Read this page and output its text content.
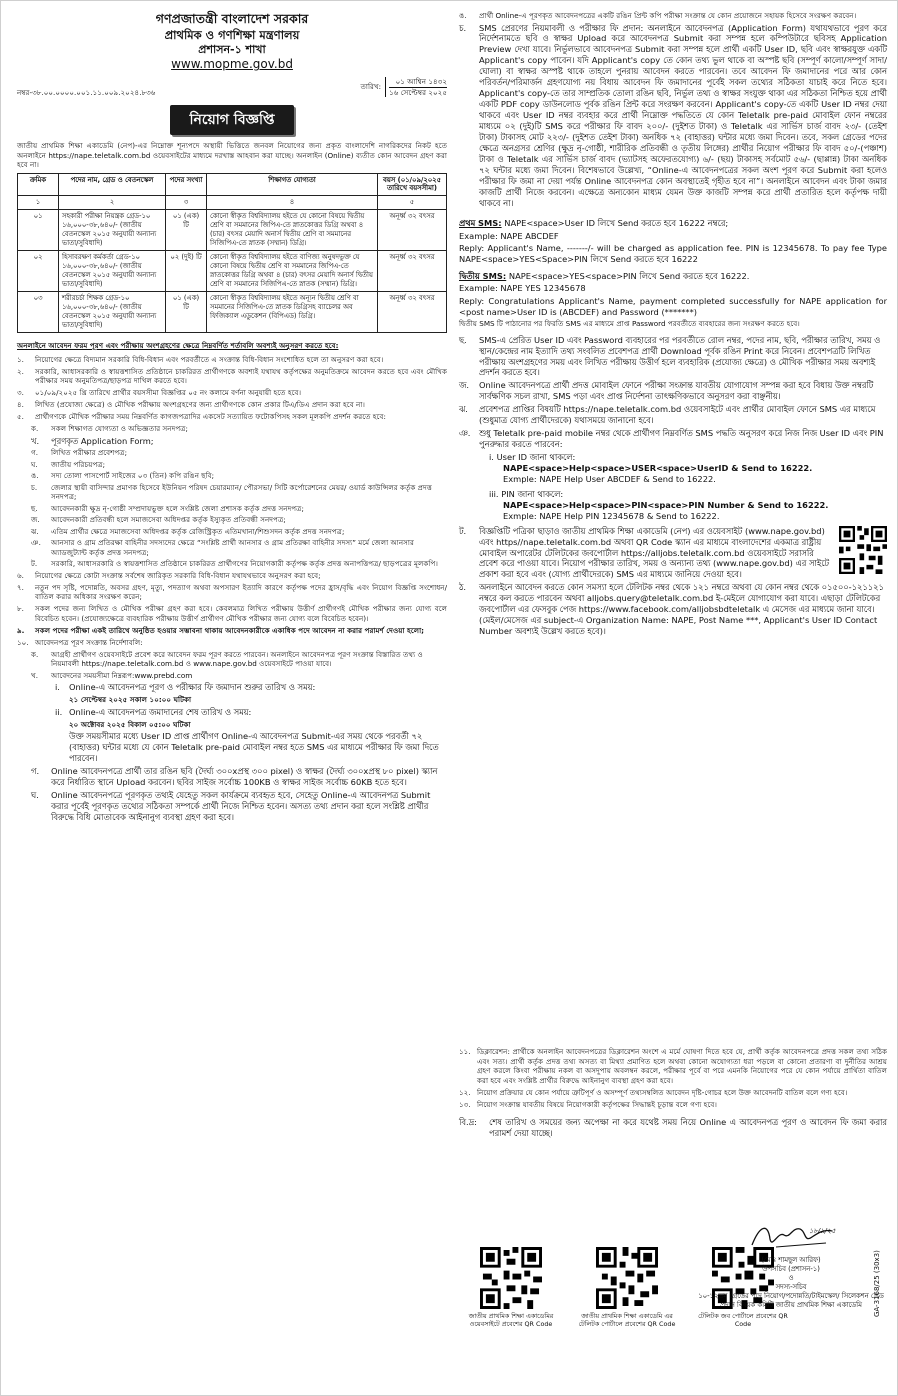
গণপ্রজাতন্ত্রী বাংলাদেশ সরকার
প্রাথমিক ও গণশিক্ষা মন্ত্রণালয়
প্রশাসন-১ শাখা
www.mopme.gov.bd
নম্বর-৩৮.০০.০০০০.০০১.১১.০০৯.২০২৪.৮৩৬
তারিখ:
০১ আশ্বিন ১৪৩২
১৬ সেপ্টেম্বর ২০২৫
নিয়োগ বিজ্ঞপ্তি

জাতীয় প্রাথমিক শিক্ষা একাডেমি (নেপ)-এর নিম্নোক্ত শূন্যপদে অস্থায়ী ভিত্তিতে জনবল নিয়োগের জন্য প্রকৃত বাংলাদেশি নাগরিকদের নিকট হতে অনলাইনে https://nape.teletalk.com.bd ওয়েবসাইটের মাধ্যমে দরখাস্ত আহবান করা যাচ্ছে। অনলাইন (Online) ব্যতীত কোন আবেদন গ্রহণ করা হবে না।

ক্রমিক	পদের নাম, গ্রেড ও বেতনস্কেল	পদের সংখ্যা	শিক্ষাগত যোগ্যতা	বয়স (০১/০৯/২০২৫ তারিখে বয়সসীমা)
১	২	৩	৪	৫
০১	সহকারী পরীক্ষা নিয়ন্ত্রক গ্রেড-১০ ১৬,০০০-৩৮,৬৪০/- (জাতীয় বেতনস্কেল ২০১৫ অনুযায়ী অন্যান্য ভাতা/সুবিধাদি)	০১ (এক) টি	কোনো স্বীকৃত বিশ্ববিদ্যালয় হইতে যে কোনো বিষয়ে দ্বিতীয় শ্রেণি বা সমমানের জিপিএ-তে স্নাতকোত্তর ডিগ্রি অথবা ৪ (চার) বৎসর মেয়াদি অনার্স দ্বিতীয় শ্রেণি বা সমমানের সিজিপিএ-তে স্নাতক (সম্মান) ডিগ্রি।	অনূর্ধ্ব ৩২ বৎসর
০২	হিসাবরক্ষণ কর্মকর্তা গ্রেড-১০ ১৬,০০০-৩৮,৬৪০/- (জাতীয় বেতনস্কেল ২০১৫ অনুযায়ী অন্যান্য ভাতা/সুবিধাদি)	০২ (দুই) টি	কোনো স্বীকৃত বিশ্ববিদ্যালয় হইতে বাণিজ্য অনুষদভুক্ত যে কোনো বিষয়ে দ্বিতীয় শ্রেণি বা সমমানের জিপিএ-তে স্নাতকোত্তর ডিগ্রি অথবা ৪ (চার) বৎসর মেয়াদি অনার্স দ্বিতীয় শ্রেণি বা সমমানের সিজিপিএ-তে স্নাতক (সম্মান) ডিগ্রি।	অনূর্ধ্ব ৩২ বৎসর
০৩	শরীরচর্চা শিক্ষক গ্রেড-১০ ১৬,০০০-৩৮,৬৪০/- (জাতীয় বেতনস্কেল ২০১৫ অনুযায়ী অন্যান্য ভাতা/সুবিধাদি)	০১ (এক) টি	কোনো স্বীকৃত বিশ্ববিদ্যালয় হইতে অন্যূন দ্বিতীয় শ্রেণি বা সমমানের সিজিপিএ-তে স্নাতক ডিগ্রিসহ ব্যাচেলর অব ফিজিক্যাল এডুকেশন (বিপিএড) ডিগ্রি।	অনূর্ধ্ব ৩২ বৎসর
অনলাইনে আবেদন ফরম পূরণ এবং পরীক্ষায় অংশগ্রহণের ক্ষেত্রে নিম্নবর্ণিত শর্তাবলি অবশ্যই অনুসরণ করতে হবে:
১.	নিয়োগের ক্ষেত্রে বিদ্যমান সরকারি বিধি-বিধান এবং পরবর্তীতে এ সংক্রান্ত বিধি-বিধান সংশোধিত হলে তা অনুসরণ করা হবে।
২.	সরকারি, আধাসরকারি ও স্বায়ত্তশাসিত প্রতিষ্ঠানে চাকরিরত প্রার্থীগণকে অবশ্যই যথাযথ কর্তৃপক্ষের অনুমতিক্রমে আবেদন করতে হবে এবং মৌখিক পরীক্ষার সময় অনুমতিপত্র/ছাড়পত্র দাখিল করতে হবে।
৩.	০১/০৯/২০২৫ খ্রি তারিখে প্রার্থীর বয়সসীমা বিজ্ঞপ্তির ০৫ নং কলামে বর্ণনা অনুযায়ী হতে হবে।
৪.	লিখিত (প্রযোজ্য ক্ষেত্রে) ও মৌখিক পরীক্ষায় অংশগ্রহণের জন্য প্রার্থীগণকে কোন প্রকার টিএ/ডিএ প্রদান করা হবে না।
৫.	প্রার্থীগণকে মৌখিক পরীক্ষার সময় নিম্নবর্ণিত কাগজপত্রাদির একসেট সত্যায়িত ফটোকপিসহ সকল মূলকপি প্রদর্শন করতে হবে:
ক.	সকল শিক্ষাগত যোগ্যতা ও অভিজ্ঞতার সনদপত্র;
খ.	পূরণকৃত Application Form;
গ.	লিখিত পরীক্ষার প্রবেশপত্র;
ঘ.	জাতীয় পরিচয়পত্র;
ঙ.	সদ্য তোলা পাসপোর্ট সাইজের ০৩ (তিন) কপি রঙিন ছবি;
চ.	জেলার স্থায়ী বাসিন্দার প্রমাণক হিসেবে ইউনিয়ন পরিষদ চেয়ারম্যান/ পৌরসভা/ সিটি কর্পোরেশনের মেয়র/ ওয়ার্ড কাউন্সিলর কর্তৃক প্রদত্ত সনদপত্র;
ছ.	আবেদনকারী ক্ষুদ্র নৃ-গোষ্ঠী সম্প্রদায়ভুক্ত হলে সংশ্লিষ্ট জেলা প্রশাসক কর্তৃক প্রদত্ত সনদপত্র;
জ.	আবেদনকারী প্রতিবন্ধী হলে সমাজসেবা অধিদপ্তর কর্তৃক ইস্যুকৃত প্রতিবন্ধী সনদপত্র;
ঝ.	এতিম প্রার্থীর ক্ষেত্রে সমাজসেবা অধিদপ্তর কর্তৃক রেজিস্ট্রিকৃত এতিমখানা/শিশুসদন কর্তৃক প্রদত্ত সনদপত্র;
ঞ.	আনসার ও গ্রাম প্রতিরক্ষা বাহিনীর সদস্যদের ক্ষেত্রে “সংশ্লিষ্ট প্রার্থী আনসার ও গ্রাম প্রতিরক্ষা বাহিনীর সদস্য” মর্মে জেলা আনসার অ্যাডজুট্যান্ট কর্তৃক প্রদত্ত সনদপত্র;
ট.	সরকারি, আধাসরকারি ও স্বায়ত্তশাসিত প্রতিষ্ঠানে চাকরিরত প্রার্থীগণের নিয়োগকারী কর্তৃপক্ষ কর্তৃক প্রদত্ত অনাপত্তিপত্র/ ছাড়পত্রের মূলকপি।
৬.	নিয়োগের ক্ষেত্রে কোটা সংক্রান্ত সর্বশেষ জারিকৃত সরকারি বিধি-বিধান যথাযথভাবে অনুসরণ করা হবে;
৭.	নতুন পদ সৃষ্টি, পদোন্নতি, অবসর গ্রহণ, মৃত্যু, পদত্যাগ অথবা অপসারণ ইত্যাদি কারণে কর্তৃপক্ষ পদের হ্রাস/বৃদ্ধি এবং নিয়োগ বিজ্ঞপ্তি সংশোধন/বাতিল করার অধিকার সংরক্ষণ করেন;
৮.	সকল পদের জন্য লিখিত ও মৌখিক পরীক্ষা গ্রহণ করা হবে। কেবলমাত্র লিখিত পরীক্ষায় উত্তীর্ণ প্রার্থীগণই মৌখিক পরীক্ষার জন্য যোগ্য বলে বিবেচিত হবেন। (প্রযোজ্যক্ষেত্রে ব্যবহারিক পরীক্ষায় উত্তীর্ণ প্রার্থীগণ মৌখিক পরীক্ষার জন্য যোগ্য বলে বিবেচিত হবেন)।
৯.	সকল পদের পরীক্ষা একই তারিখে অনুষ্ঠিত হওয়ার সম্ভাবনা থাকায় আবেদনকারীকে একাধিক পদে আবেদন না করার পরামর্শ দেওয়া হলো;
১০. আবেদনপত্র পূরণ সংক্রান্ত নির্দেশাবলি:
ক.	আগ্রহী প্রার্থীগণ ওয়েবসাইটে প্রবেশ করে আবেদন ফরম পূরণ করতে পারবেন। অনলাইনে আবেদনপত্র পূরণ সংক্রান্ত বিস্তারিত তথ্য ও নিয়মাবলী https://nape.teletalk.com.bd ও www.nape.gov.bd ওয়েবসাইটে পাওয়া যাবে।
খ.	আবেদনের সময়সীমা নিম্নরূপ:www.prebd.com
i.	Online-এ আবেদনপত্র পূরণ ও পরীক্ষার ফি জমাদান শুরুর তারিখ ও সময়:
২১ সেপ্টেম্বর ২০২৫ সকাল ১০:০০ ঘটিকা
ii. Online-এ আবেদনপত্র জমাদানের শেষ তারিখ ও সময়:
২০ অক্টোবর ২০২৫ বিকাল ০৫:০০ ঘটিকা
উক্ত সময়সীমার মধ্যে User ID প্রাপ্ত প্রার্থীগণ Online-এ আবেদনপত্র Submit-এর সময় থেকে পরবর্তী ৭২ (বাহাত্তর) ঘন্টার মধ্যে যে কোন Teletalk pre-paid মোবাইল নম্বর হতে SMS এর মাধ্যমে পরীক্ষার ফি জমা দিতে পারবেন।
গ.	Online আবেদনপত্রে প্রার্থী তার রঙিন ছবি (দৈর্ঘ্য ৩০০xপ্রস্থ ৩০০ pixel) ও স্বাক্ষর (দৈর্ঘ্য ৩০০xপ্রস্থ ৮০ pixel) স্ক্যান করে নির্ধারিত স্থানে Upload করবেন। ছবির সাইজ সর্বোচ্চ 100KB ও স্বাক্ষর সাইজ সর্বোচ্চ 60KB হতে হবে।
ঘ.	Online আবেদনপত্রে পূরণকৃত তথ্যই যেহেতু সকল কার্যক্রমে ব্যবহৃত হবে, সেহেতু Online-এ আবেদনপত্র Submit করার পূর্বেই পূরণকৃত তথ্যের সঠিকতা সম্পর্কে প্রার্থী নিজে নিশ্চিত হবেন। অসত্য তথ্য প্রদান করা হলে সংশ্লিষ্ট প্রার্থীর বিরুদ্ধে বিধি মোতাবেক আইনানুগ ব্যবস্থা গ্রহণ করা হবে।
ঙ.	প্রার্থী Online-এ পূরণকৃত আবেদনপত্রের একটি রঙিন প্রিন্ট কপি পরীক্ষা সংক্রান্ত যে কোন প্রয়োজনে সহায়ক হিসেবে সংরক্ষণ করবেন।
চ.	SMS প্রেরণের নিয়মাবলী ও পরীক্ষার ফি প্রদান: অনলাইনে আবেদনপত্র (Application Form) যথাযথভাবে পূরণ করে নির্দেশনামতে ছবি ও স্বাক্ষর Upload করে আবেদনপত্র Submit করা সম্পন্ন হলে কম্পিউটারে ছবিসহ Application Preview দেখা যাবে। নির্ভুলভাবে আবেদনপত্র Submit করা সম্পন্ন হলে প্রার্থী একটি User ID, ছবি এবং স্বাক্ষরযুক্ত একটি Applicant's copy পাবেন। যদি Applicant's copy তে কোন তথ্য ভুল থাকে বা অস্পষ্ট ছবি (সম্পূর্ণ কালো/সম্পূর্ণ সাদা/ঘোলা) বা স্বাক্ষর অস্পষ্ট থাকে তাহলে পুনরায় আবেদন করতে পারবেন। তবে আবেদন ফি জমাদানের পরে আর কোন পরিবর্তন/পরিমার্জন গ্রহণযোগ্য নয় বিধায় আবেদন ফি জমাদানের পূর্বেই সকল তথ্যের সঠিকতা যাচাই করে নিতে হবে। Applicant's copy-তে তার সাম্প্রতিক তোলা রঙিন ছবি, নির্ভুল তথ্য ও স্বাক্ষর সংযুক্ত থাকা এর সঠিকতা নিশ্চিত হয়ে প্রার্থী একটি PDF copy ডাউনলোড পূর্বক রঙিন প্রিন্ট করে সংরক্ষণ করবেন। Applicant's copy-তে একটি User ID নম্বর দেয়া থাকবে এবং User ID নম্বর ব্যবহার করে প্রার্থী নিম্নোক্ত পদ্ধতিতে যে কোন Teletalk pre-paid মোবাইল ফোন নম্বরের মাধ্যমে ০২ (দুই)টি SMS করে পরীক্ষার ফি বাবদ ২০০/- (দুইশত টাকা) ও Teletalk এর সার্ভিস চার্জ বাবদ ২৩/- (তেইশ টাকা) টাকাসহ মোট ২২৩/- (দুইশত তেইশ টাকা) অনধিক ৭২ (বাহাত্তর) ঘন্টার মধ্যে জমা দিবেন। তবে, সকল গ্রেডের পদের ক্ষেত্রে অনগ্রসর শ্রেণির (ক্ষুদ্র নৃ-গোষ্ঠী, শারীরিক প্রতিবন্ধী ও তৃতীয় লিঙ্গের) প্রার্থীর নিয়োগ পরীক্ষার ফি বাবদ ৫০/-(পঞ্চাশ) টাকা ও Teletalk এর সার্ভিস চার্জ বাবদ (ভ্যাটসহ অফেরতযোগ্য) ৬/- (ছয়) টাকাসহ সর্বমোট ৫৬/- (ছাপ্পান্ন) টাকা অনধিক ৭২ ঘন্টার মধ্যে জমা দিবেন। বিশেষভাবে উল্লেখ্য, “Online-এ আবেদনপত্রের সকল অংশ পূরণ করে Submit করা হলেও পরীক্ষার ফি জমা না দেয়া পর্যন্ত Online আবেদনপত্র কোন অবস্থাতেই গৃহীত হবে না”। অনলাইনে আবেদন এবং টাকা জমার কাজটি প্রার্থী নিজে করবেন। এক্ষেত্রে অন্যকোন মাধ্যম যেমন উক্ত কাজটি সম্পন্ন করে প্রার্থী প্রতারিত হলে কর্তৃপক্ষ দায়ী থাকবে না।

প্রথম SMS: NAPE<space>User ID লিখে Send করতে হবে 16222 নম্বরে;

Example: NAPE ABCDEF

Reply: Applicant's Name, -------/- will be charged as application fee. PIN is 12345678. To pay fee Type NAPE<space>YES<Space>PIN লিখে Send করতে হবে 16222

দ্বিতীয় SMS: NAPE<space>YES<space>PIN লিখে Send করতে হবে 16222.

Example: NAPE YES 12345678

Reply: Congratulations Applicant's Name, payment completed successfully for NAPE application for <post name>User ID is (ABCDEF) and Password (*******)

দ্বিতীয় SMS টি পাঠানোর পর ফিরতি SMS এর মাধ্যমে প্রাপ্ত Password পরবর্তীতে ব্যবহারের জন্য সংরক্ষণ করতে হবে।

ছ.	SMS-এ প্রেরিত User ID এবং Password ব্যবহারের পর পরবর্তীতে রোল নম্বর, পদের নাম, ছবি, পরীক্ষার তারিখ, সময় ও স্থান/কেন্দ্রের নাম ইত্যাদি তথ্য সংবলিত প্রবেশপত্র প্রার্থী Download পূর্বক রঙিন Print করে নিবেন। প্রবেশপত্রটি লিখিত পরীক্ষায় অংশগ্রহণের সময় এবং লিখিত পরীক্ষায় উত্তীর্ণ হলে ব্যবহারিক (প্রযোজ্য ক্ষেত্রে) ও মৌখিক পরীক্ষার সময় অবশ্যই প্রদর্শন করতে হবে।
জ.	Online আবেদনপত্রে প্রার্থী প্রদত্ত মোবাইল ফোনে পরীক্ষা সংক্রান্ত যাবতীয় যোগাযোগ সম্পন্ন করা হবে বিধায় উক্ত নম্বরটি সার্বক্ষণিক সচল রাখা, SMS পড়া এবং প্রাপ্ত নির্দেশনা তাৎক্ষণিকভাবে অনুসরণ করা বাঞ্ছনীয়।
ঝ.	প্রবেশপত্র প্রাপ্তির বিষয়টি https://nape.teletalk.com.bd ওয়েবসাইটে এবং প্রার্থীর মোবাইল ফোনে SMS এর মাধ্যমে (শুধুমাত্র যোগ্য প্রার্থীদেরকে) যথাসময়ে জানানো হবে।
ঞ.	শুধু Teletalk pre-paid mobile নম্বর থেকে প্রার্থীগণ নিম্নবর্ণিত SMS পদ্ধতি অনুসরণ করে নিজ নিজ User ID এবং PIN পুনরুদ্ধার করতে পারবেন:
i. User ID জানা থাকলে:
NAPE<space>Help<space>USER<space>UserID & Send to 16222.
Exmple: NAPE Help User ABCDEF & Send to 16222.
iii. PIN জানা থাকলে:
NAPE<space>Help<space>PIN<space>PIN Number & Send to 16222.
Exmple: NAPE Help PIN 12345678 & Send to 16222.
ট.	বিজ্ঞপ্তিটি পত্রিকা ছাড়াও জাতীয় প্রাথমিক শিক্ষা একাডেমি (নেপ) এর ওয়েবসাইট (www.nape.gov.bd) এবং https//nape.teletalk.com.bd অথবা QR Code স্ক্যান এর মাধ্যমে বাংলাদেশের একমাত্র রাষ্ট্রীয় মোবাইল অপারেটর টেলিটকের জবপোর্টাল https://alljobs.teletalk.com.bd ওয়েবসাইটে সরাসরি প্রবেশ করে পাওয়া যাবে। নিয়োগ পরীক্ষার তারিখ, সময় ও অন্যান্য তথ্য (www.nape.gov.bd) এর সাইটে প্রকাশ করা হবে এবং (যোগ্য প্রার্থীদেরকে) SMS এর মাধ্যমে জানিয়ে দেওয়া হবে।
ঠ.	অনলাইনে আবেদন করতে কোন সমস্যা হলে টেলিটক নম্বর থেকে ১২১ নম্বরে অথবা যে কোন নম্বর থেকে ০১৫০০-১২১১২১ নম্বরে কল করতে পারবেন অথবা alljobs.query@teletalk.com.bd ই-মেইলে যোগাযোগ করা যাবে। এছাড়া টেলিটকের জবপোর্টাল এর ফেসবুক পেজ https://www.facebook.com/alljobsbdteletalk এ মেসেজ এর মাধ্যমে জানা যাবে। (মেইল/মেসেজ এর subject-এ Organization Name: NAPE, Post Name ***, Applicant's User ID Contact Number অবশ্যই উল্লেখ করতে হবে)।
১১. ডিক্লারেশন: প্রার্থীকে অনলাইন আবেদনপত্রের ডিক্লারেশন অংশে এ মর্মে ঘোষণা দিতে হবে যে, প্রার্থী কর্তৃক আবেদনপত্রে প্রদত্ত সকল তথ্য সঠিক এবং সত্য। প্রার্থী কর্তৃক প্রদত্ত তথ্য অসত্য বা মিথ্যা প্রমাণিত হলে অথবা কোনো অযোগ্যতা ধরা পড়লে বা কোনো প্রতারণা বা দুর্নীতির আশ্রয় গ্রহণ করলে কিংবা পরীক্ষায় নকল বা অসদুপায় অবলম্বন করলে, পরীক্ষার পূর্বে বা পরে এমনকি নিয়োগের পরে যে কোন পর্যায়ে প্রার্থিতা বাতিল করা হবে এবং সংশ্লিষ্ট প্রার্থীর বিরুদ্ধে আইনানুগ ব্যবস্থা গ্রহণ করা হবে।
১২. নিয়োগ প্রক্রিয়ার যে কোন পর্যায়ে ত্রুটিপূর্ণ ও অসম্পূর্ণ তথ্যসম্বলিত আবেদন দৃষ্টি-গোচর হলে উক্ত আবেদনটি বাতিল বলে গণ্য হবে।
১৩. নিয়োগ সংক্রান্ত যাবতীয় বিষয়ে নিয়োগকারী কর্তৃপক্ষের সিদ্ধান্তই চূড়ান্ত বলে গণ্য হবে।
বি.দ্র:	শেষ তারিখ ও সময়ের জন্য অপেক্ষা না করে যথেষ্ট সময় নিয়ে Online এ আবেদনপত্র পূরণ ও আবেদন ফি জমা করার পরামর্শ দেয়া যাচ্ছে।
জাতীয় প্রাথমিক শিক্ষা একাডেমির ওয়েবসাইটে প্রবেশের QR Code
জাতীয় প্রাথমিক শিক্ষা একাডেমি এর টেলিটক পোর্টালে প্রবেশের QR Code
টেলিটক জব পোর্টালে প্রবেশের QR Code
১৮/৯/২৫
(মোঃ শামছুল আরিফ)
উপসচিব (প্রশাসন-১)
ও
সদস্য-সচিব
১০-১২তম গ্রেডের পদে নিয়োগ/পদোন্নতি/টাইমস্কেল/ সিলেকশন গ্রেড প্রদান বিষয়ক কমিটি জাতীয় প্রাথমিক শিক্ষা একাডেমি	GA-3168/25 (30x3)
